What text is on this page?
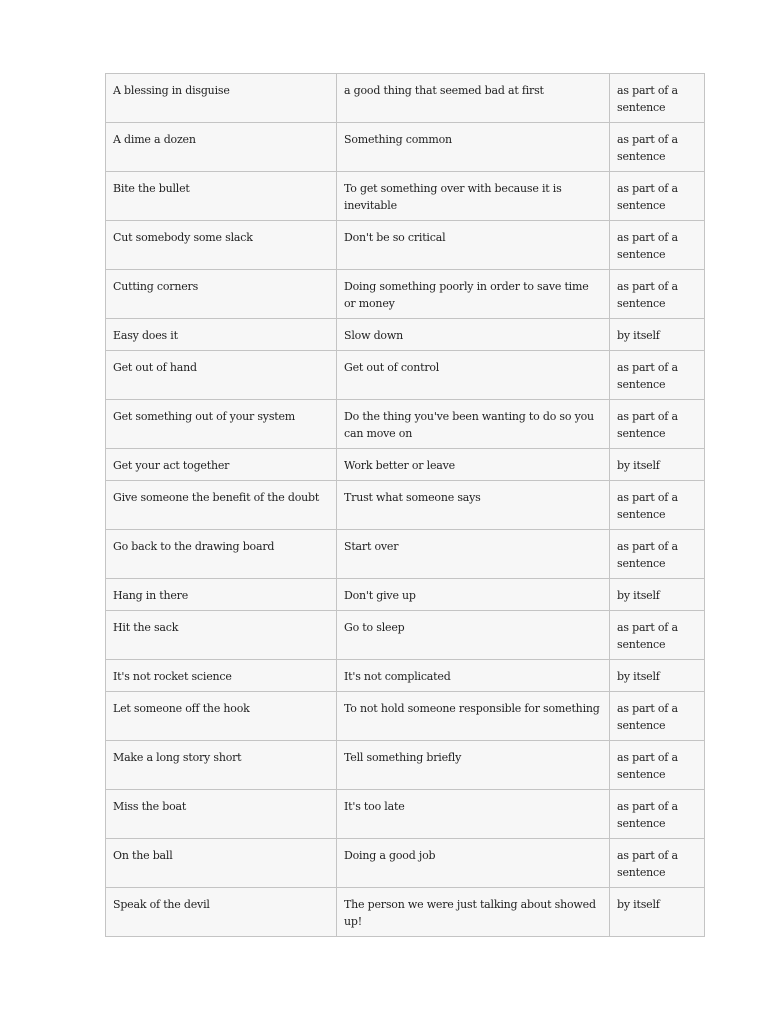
A blessing in disguise	a good thing that seemed bad at first	as part of a sentence
A dime a dozen	Something common	as part of a sentence
Bite the bullet	To get something over with because it is inevitable	as part of a sentence
Cut somebody some slack	Don't be so critical	as part of a sentence
Cutting corners	Doing something poorly in order to save time or money	as part of a sentence
Easy does it	Slow down	by itself
Get out of hand	Get out of control	as part of a sentence
Get something out of your system	Do the thing you've been wanting to do so you can move on	as part of a sentence
Get your act together	Work better or leave	by itself
Give someone the benefit of the doubt	Trust what someone says	as part of a sentence
Go back to the drawing board	Start over	as part of a sentence
Hang in there	Don't give up	by itself
Hit the sack	Go to sleep	as part of a sentence
It's not rocket science	It's not complicated	by itself
Let someone off the hook	To not hold someone responsible for something	as part of a sentence
Make a long story short	Tell something briefly	as part of a sentence
Miss the boat	It's too late	as part of a sentence
On the ball	Doing a good job	as part of a sentence
Speak of the devil	The person we were just talking about showed up!	by itself
